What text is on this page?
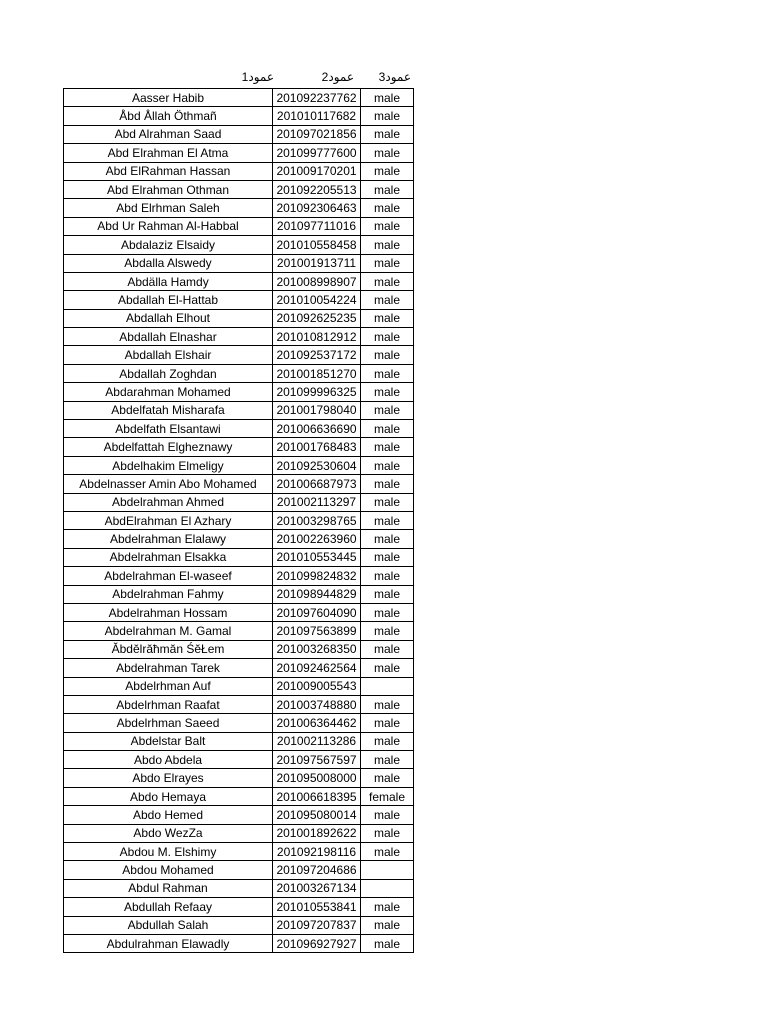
عمود1	عمود2 عمود3
Aasser Habib	201092237762	male
Åbd Ållah Öthmañ	201010117682	male
Abd Alrahman Saad	201097021856	male
Abd Elrahman El Atma	201099777600	male
Abd ElRahman Hassan	201009170201	male
Abd Elrahman Othman	201092205513	male
Abd Elrhman Saleh	201092306463	male
Abd Ur Rahman Al-Habbal	201097711016	male
Abdalaziz Elsaidy	201010558458	male
Abdalla Alswedy	201001913711	male
Abdälla Hamdy	201008998907	male
Abdallah El-Hattab	201010054224	male
Abdallah Elhout	201092625235	male
Abdallah Elnashar	201010812912	male
Abdallah Elshair	201092537172	male
Abdallah Zoghdan	201001851270	male
Abdarahman Mohamed	201099996325	male
Abdelfatah Misharafa	201001798040	male
Abdelfath Elsantawi	201006636690	male
Abdelfattah Elgheznawy	201001768483	male
Abdelhakim Elmeligy	201092530604	male
Abdelnasser Amin Abo Mohamed	201006687973	male
Abdelrahman Ahmed	201002113297	male
AbdElrahman El Azhary	201003298765	male
Abdelrahman Elalawy	201002263960	male
Abdelrahman Elsakka	201010553445	male
Abdelrahman El-waseef	201099824832	male
Abdelrahman Fahmy	201098944829	male
Abdelrahman Hossam	201097604090	male
Abdelrahman M. Gamal	201097563899	male
Ăbdĕlrăħmăn ŚĕŁem	201003268350	male
Abdelrahman Tarek	201092462564	male
Abdelrhman Auf	201009005543	
Abdelrhman Raafat	201003748880	male
Abdelrhman Saeed	201006364462	male
Abdelstar Balt	201002113286	male
Abdo Abdela	201097567597	male
Abdo Elrayes	201095008000	male
Abdo Hemaya	201006618395	female
Abdo Hemed	201095080014	male
Abdo WezZa	201001892622	male
Abdou M. Elshimy	201092198116	male
Abdou Mohamed	201097204686	
Abdul Rahman	201003267134	
Abdullah Refaay	201010553841	male
Abdullah Salah	201097207837	male
Abdulrahman Elawadly	201096927927	male
